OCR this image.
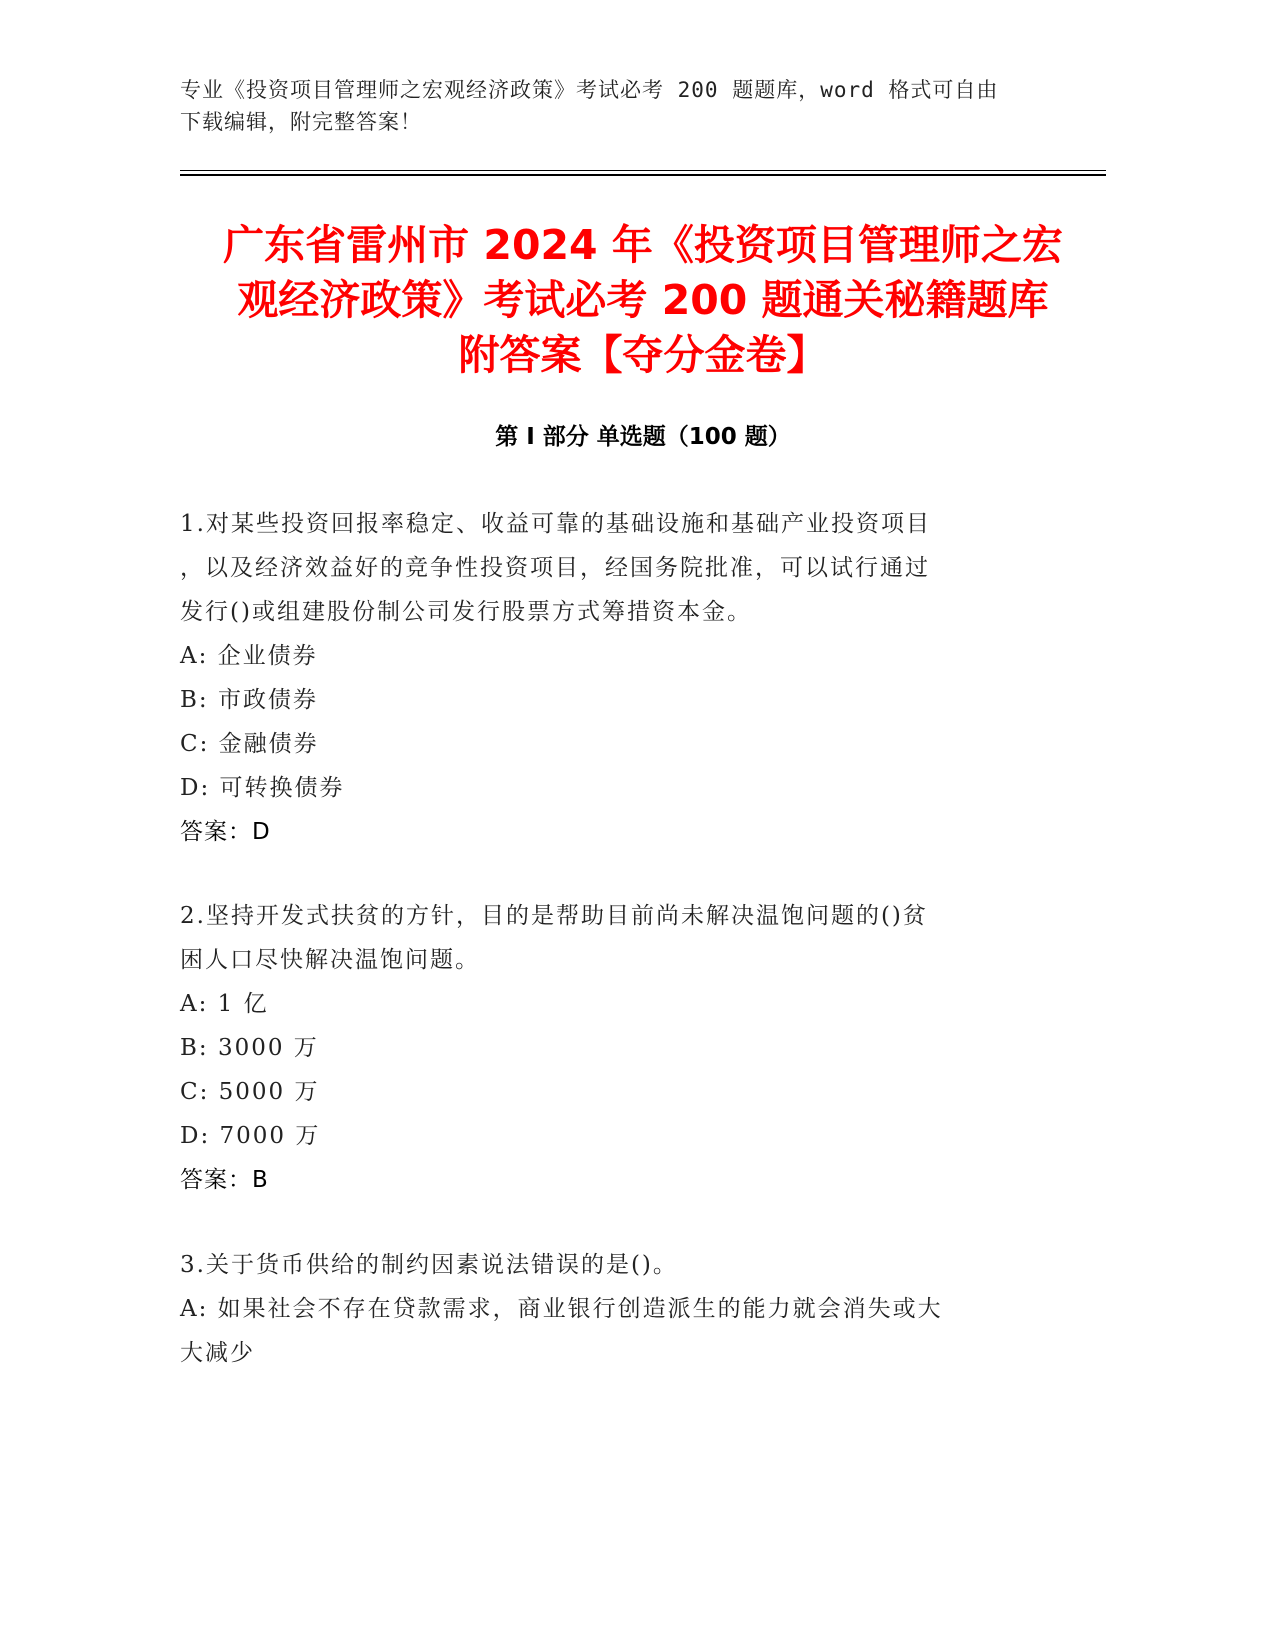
专业《投资项目管理师之宏观经济政策》考试必考 200 题题库，word 格式可自由
下载编辑，附完整答案！
广东省雷州市 2024 年《投资项目管理师之宏
观经济政策》考试必考 200 题通关秘籍题库
附答案【夺分金卷】
第 I 部分 单选题（100 题）
1.对某些投资回报率稳定、收益可靠的基础设施和基础产业投资项目
，以及经济效益好的竞争性投资项目，经国务院批准，可以试行通过
发行()或组建股份制公司发行股票方式筹措资本金。
A: 企业债券
B: 市政债券
C: 金融债券
D: 可转换债券
答案：D
2.坚持开发式扶贫的方针，目的是帮助目前尚未解决温饱问题的()贫
困人口尽快解决温饱问题。
A: 1 亿
B: 3000 万
C: 5000 万
D: 7000 万
答案：B
3.关于货币供给的制约因素说法错误的是()。
A: 如果社会不存在贷款需求，商业银行创造派生的能力就会消失或大
大减少
